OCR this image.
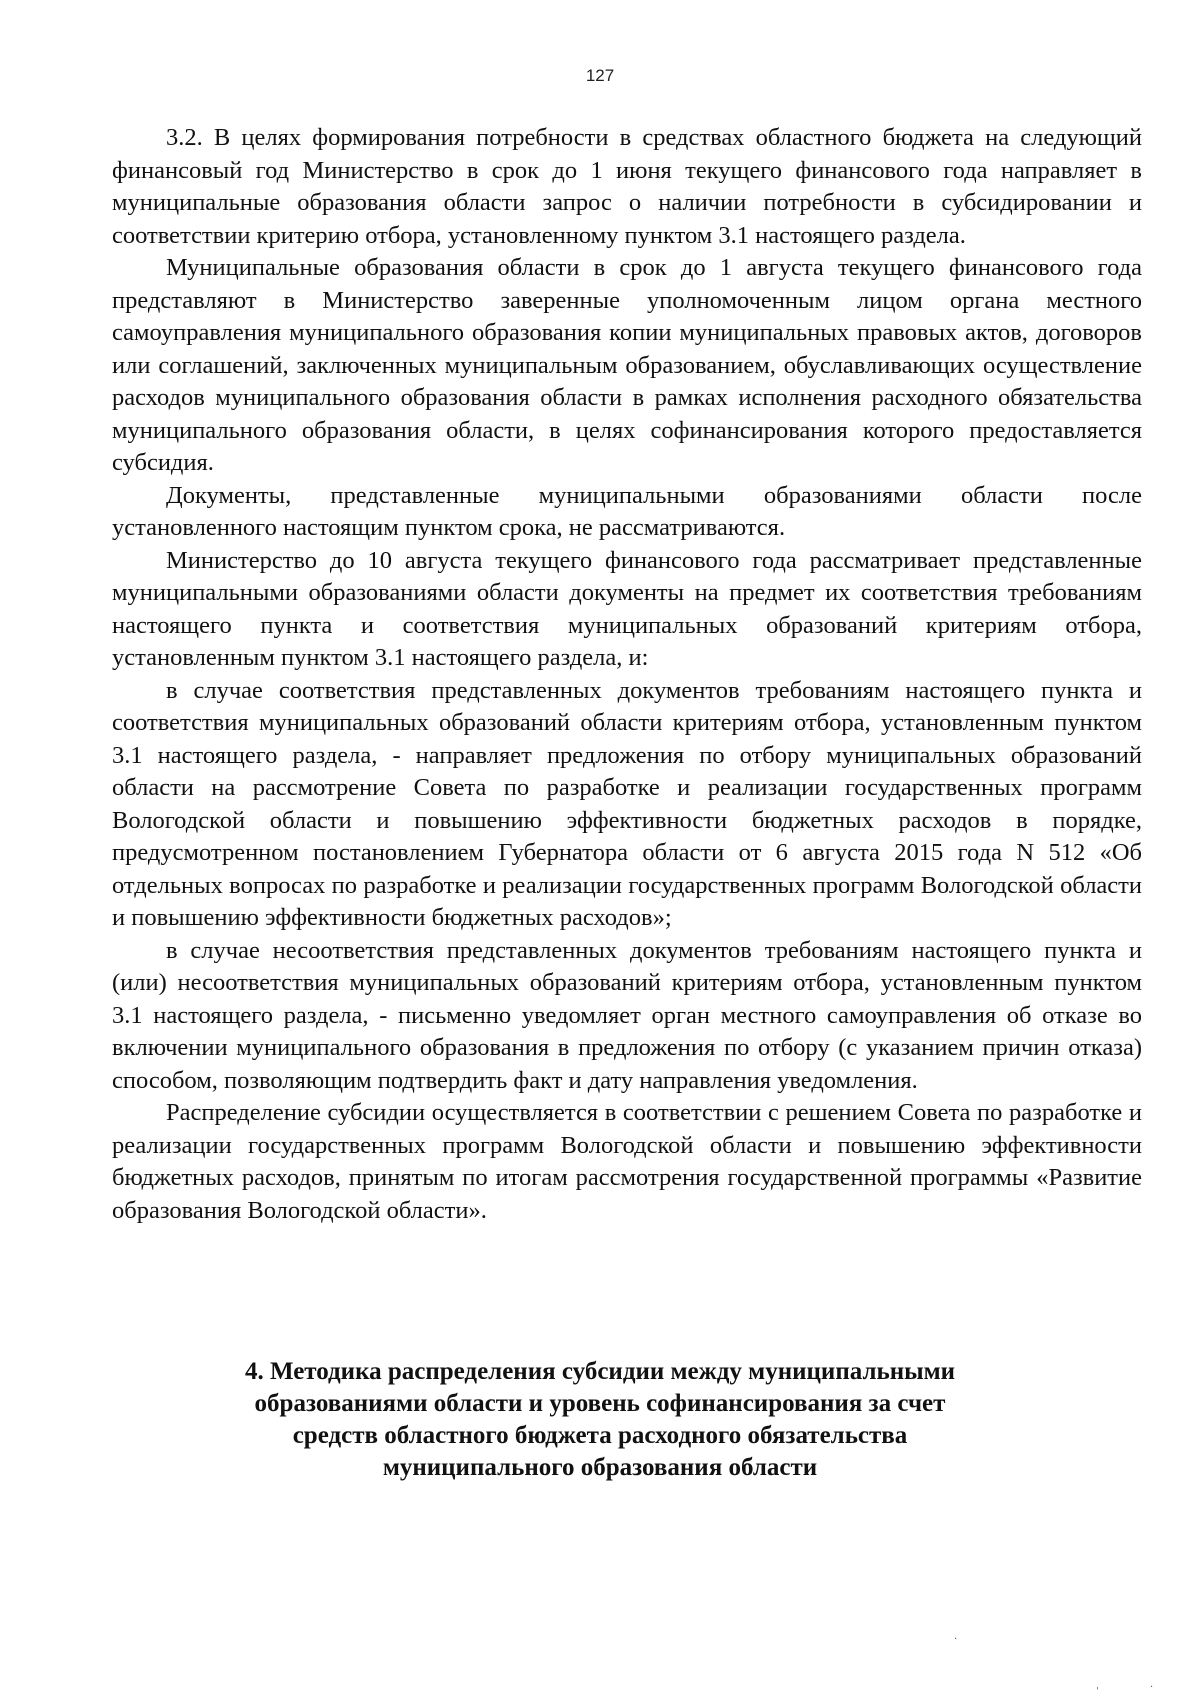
127

3.2. В целях формирования потребности в средствах областного бюджета на следующий финансовый год Министерство в срок до 1 июня текущего финансового года направляет в муниципальные образования области запрос о наличии потребности в субсидировании и соответствии критерию отбора, установленному пунктом 3.1 настоящего раздела.

Муниципальные образования области в срок до 1 августа текущего финансового года представляют в Министерство заверенные уполномоченным лицом органа местного самоуправления муниципального образования копии муниципальных правовых актов, договоров или соглашений, заключенных муниципальным образованием, обуславливающих осуществление расходов муниципального образования области в рамках исполнения расходного обязательства муниципального образования области, в целях софинансирования которого предоставляется субсидия.

Документы, представленные муниципальными образованиями области после установленного настоящим пунктом срока, не рассматриваются.

Министерство до 10 августа текущего финансового года рассматривает представленные муниципальными образованиями области документы на предмет их соответствия требованиям настоящего пункта и соответствия муниципальных образований критериям отбора, установленным пунктом 3.1 настоящего раздела, и:

в случае соответствия представленных документов требованиям настоящего пункта и соответствия муниципальных образований области критериям отбора, установленным пунктом 3.1 настоящего раздела, - направляет предложения по отбору муниципальных образований области на рассмотрение Совета по разработке и реализации государственных программ Вологодской области и повышению эффективности бюджетных расходов в порядке, предусмотренном постановлением Губернатора области от 6 августа 2015 года N 512 «Об отдельных вопросах по разработке и реализации государственных программ Вологодской области и повышению эффективности бюджетных расходов»;

в случае несоответствия представленных документов требованиям настоящего пункта и (или) несоответствия муниципальных образований критериям отбора, установленным пунктом 3.1 настоящего раздела, - письменно уведомляет орган местного самоуправления об отказе во включении муниципального образования в предложения по отбору (с указанием причин отказа) способом, позволяющим подтвердить факт и дату направления уведомления.

Распределение субсидии осуществляется в соответствии с решением Совета по разработке и реализации государственных программ Вологодской области и повышению эффективности бюджетных расходов, принятым по итогам рассмотрения государственной программы «Развитие образования Вологодской области».

4. Методика распределения субсидии между муниципальными
образованиями области и уровень софинансирования за счет
средств областного бюджета расходного обязательства
муниципального образования области
·
ˌ	·
